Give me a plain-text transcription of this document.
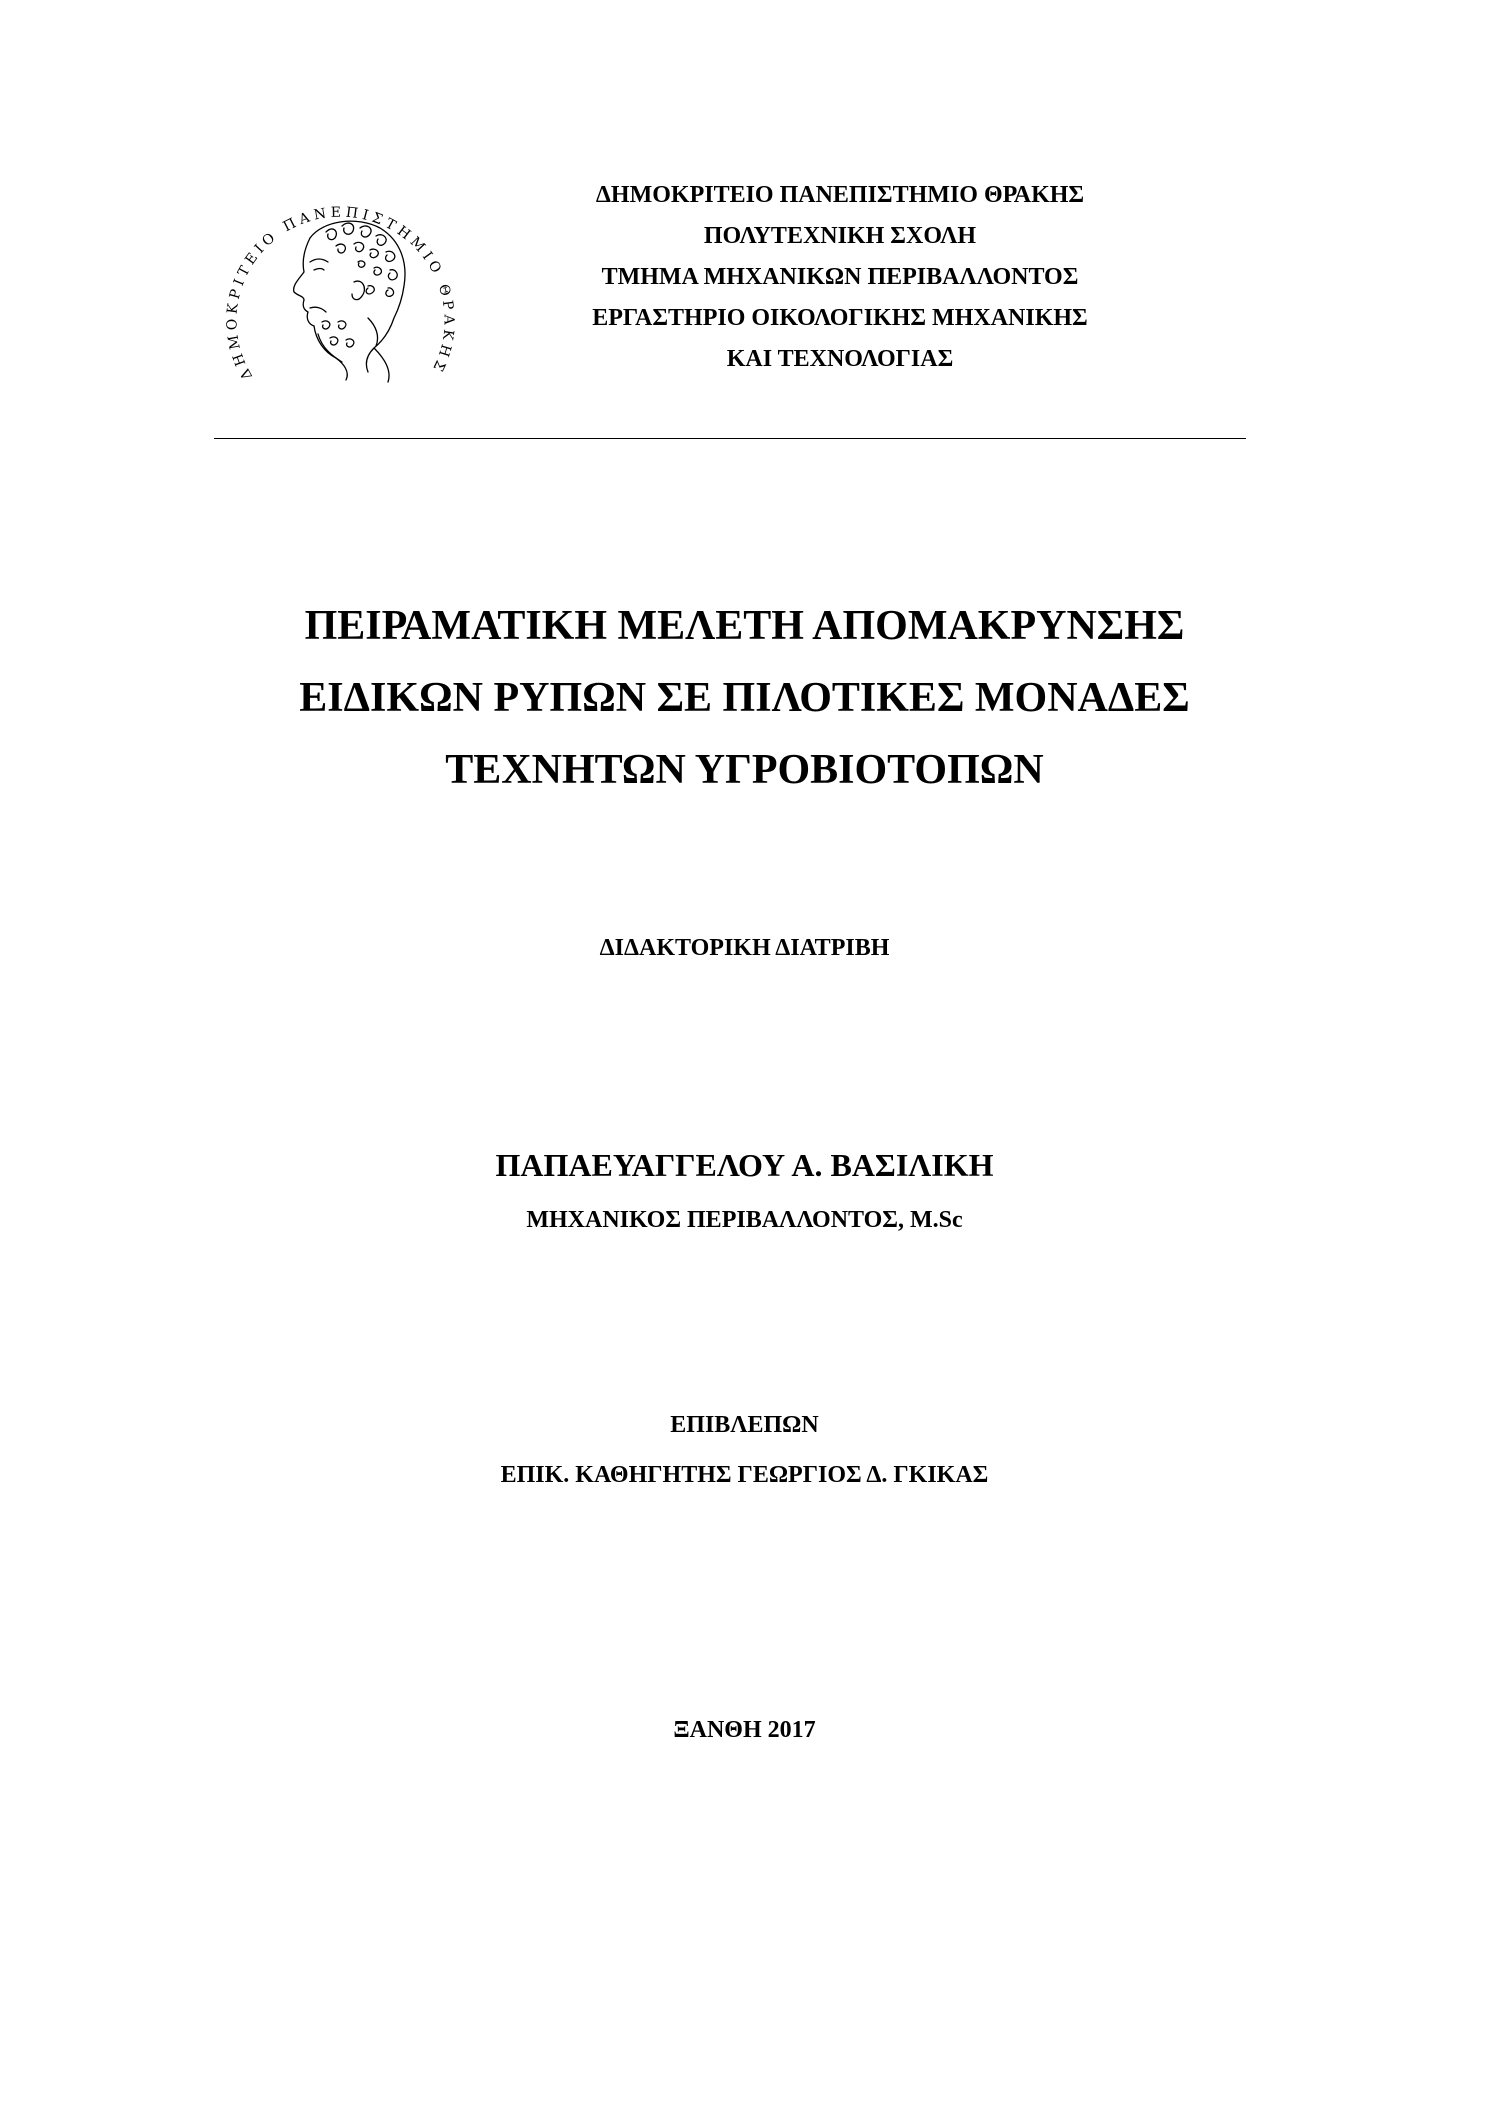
ΔΗΜΟΚΡΙΤΕΙΟ ΠΑΝΕΠΙΣΤΗΜΙΟ ΘΡΑΚΗΣ
ΔΗΜΟΚΡΙΤΕΙΟ ΠΑΝΕΠΙΣΤΗΜΙΟ ΘΡΑΚΗΣ
ΠΟΛΥΤΕΧΝΙΚΗ ΣΧΟΛΗ
ΤΜΗΜΑ ΜΗΧΑΝΙΚΩΝ ΠΕΡΙΒΑΛΛΟΝΤΟΣ
ΕΡΓΑΣΤΗΡΙΟ ΟΙΚΟΛΟΓΙΚΗΣ ΜΗΧΑΝΙΚΗΣ
ΚΑΙ ΤΕΧΝΟΛΟΓΙΑΣ
ΠΕΙΡΑΜΑΤΙΚΗ ΜΕΛΕΤΗ ΑΠΟΜΑΚΡΥΝΣΗΣ
ΕΙΔΙΚΩΝ ΡΥΠΩΝ ΣΕ ΠΙΛΟΤΙΚΕΣ ΜΟΝΑΔΕΣ
ΤΕΧΝΗΤΩΝ ΥΓΡΟΒΙΟΤΟΠΩΝ
ΔΙΔΑΚΤΟΡΙΚΗ ΔΙΑΤΡΙΒΗ
ΠΑΠΑΕΥΑΓΓΕΛΟΥ Α. ΒΑΣΙΛΙΚΗ
ΜΗΧΑΝΙΚΟΣ ΠΕΡΙΒΑΛΛΟΝΤΟΣ, M.Sc
ΕΠΙΒΛΕΠΩΝ
ΕΠΙΚ. ΚΑΘΗΓΗΤΗΣ ΓΕΩΡΓΙΟΣ Δ. ΓΚΙΚΑΣ
ΞΑΝΘΗ 2017
